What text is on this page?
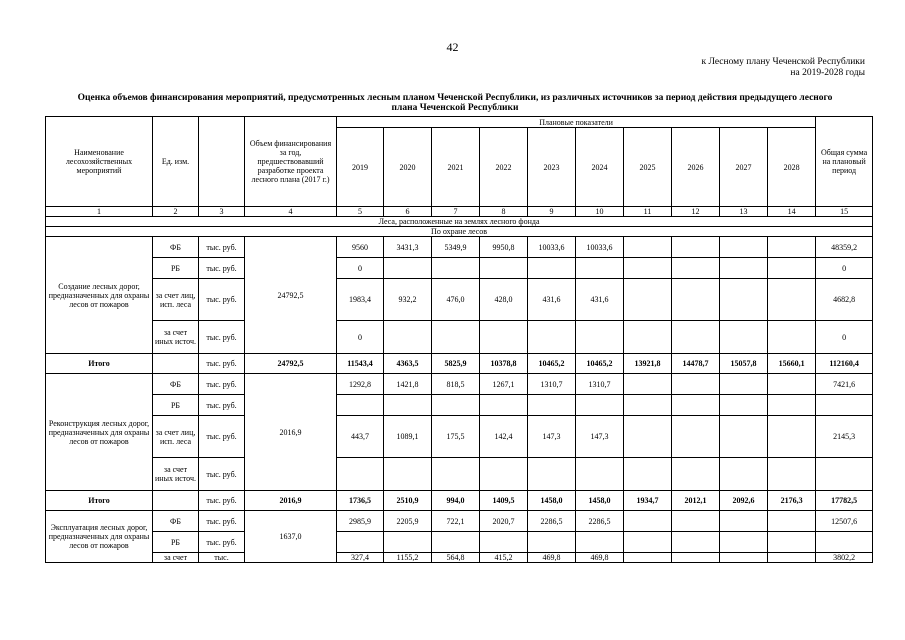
42
к Лесному плану Чеченской Республики
на 2019-2028 годы
Оценка объемов финансирования мероприятий, предусмотренных лесным планом Чеченской Республики, из различных источников за период действия предыдущего лесного
плана Чеченской Республики
Наименование лесохозяйственных мероприятий	Ед. изм.		Объем финансирования за год, предшествовавший разработке проекта лесного плана (2017 г.)	Плановые показатели										Общая сумма на плановый период
				2019	2020	2021	2022	2023	2024	2025	2026	2027	2028	
1	2	3	4	5	6	7	8	9	10	11	12	13	14	15
Леса, расположенные на землях лесного фонда														
По охране лесов														
Создание лесных дорог, предназначенных для охраны лесов от пожаров	ФБ	тыс. руб.	24792,5	9560	3431,3	5349,9	9950,8	10033,6	10033,6					48359,2
	РБ	тыс. руб.		0										0
	за счет лиц, исп. леса	тыс. руб.		1983,4	932,2	476,0	428,0	431,6	431,6					4682,8
	за счет иных источ.	тыс. руб.		0										0
Итого		тыс. руб.	24792,5	11543,4	4363,5	5825,9	10378,8	10465,2	10465,2	13921,8	14478,7	15057,8	15660,1	112160,4
Реконструкция лесных дорог, предназначенных для охраны лесов от пожаров	ФБ	тыс. руб.	2016,9	1292,8	1421,8	818,5	1267,1	1310,7	1310,7					7421,6
	РБ	тыс. руб.												
	за счет лиц, исп. леса	тыс. руб.		443,7	1089,1	175,5	142,4	147,3	147,3					2145,3
	за счет иных источ.	тыс. руб.												
Итого		тыс. руб.	2016,9	1736,5	2510,9	994,0	1409,5	1458,0	1458,0	1934,7	2012,1	2092,6	2176,3	17782,5
Эксплуатация лесных дорог, предназначенных для охраны лесов от пожаров	ФБ	тыс. руб.	1637,0	2985,9	2205,9	722,1	2020,7	2286,5	2286,5					12507,6
	РБ	тыс. руб.												
	за счет	тыс.		327,4	1155,2	564,8	415,2	469,8	469,8					3802,2
